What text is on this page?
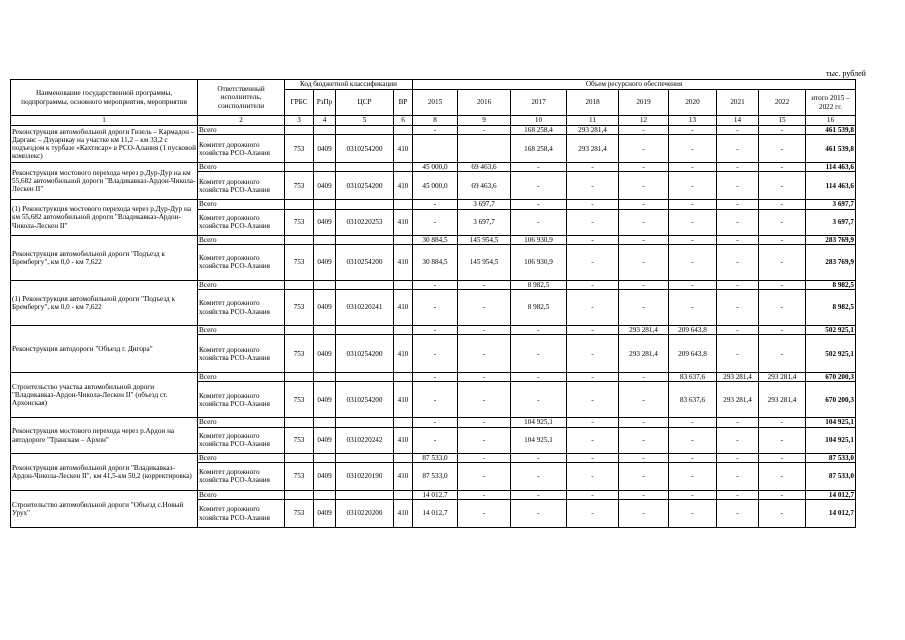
тыс. рублей
Наименование государственной программы, подпрограммы, основного мероприятия, мероприятия	Ответственный исполнитель, соисполнители	Код бюджетной классификации				Объем ресурсного обеспечения								
		ГРБС	РзПр	ЦСР	ВР	2015	2016	2017	2018	2019	2020	2021	2022	итого 2015 – 2022 гг.
1	2	3	4	5	6	8	9	10	11	12	13	14	15	16
Реконструкция автомобильной дороги Гизель – Кармадон – Даргавс – Дзуарикау на участке км 11,2 – км 33,2 с подъездом к турбазе «Кахтисар» в РСО-Алания (1 пусковой комплекс)	Всего					-	-	168 258,4	293 281,4	-	-	-	-	461 539,8
	Комитет дорожного хозяйства РСО-Алания	753	0409	0310254200	410			168 258,4	293 281,4	-	-	-	-	461 539,8
Реконструкция мостового перехода через р.Дур-Дур на км 55,682 автомобильной дороги "Владикавказ-Ардон-Чикола-Лескен II"	Всего					45 000,0	69 463,6	-	-	-	-	-	-	114 463,6
	Комитет дорожного хозяйства РСО-Алания	753	0409	0310254200	410	45 000,0	69 463,6	-	-	-	-	-	-	114 463,6
(1) Реконструкция мостового перехода через р.Дур-Дур на км 55,682 автомобильной дороги "Владикавказ-Ардон-Чикола-Лескен II"	Всего					-	3 697,7	-	-	-	-	-	-	3 697,7
	Комитет дорожного хозяйства РСО-Алания	753	0409	0310220253	410	-	3 697,7	-	-	-	-	-	-	3 697,7
Реконструкция автомобильной дороги "Подъезд к Брембергу", км 0,0 - км 7,622	Всего					30 884,5	145 954,5	106 930,9	-	-	-	-	-	283 769,9
	Комитет дорожного хозяйства РСО-Алания	753	0409	0310254200	410	30 884,5	145 954,5	106 930,9	-	-	-	-	-	283 769,9
(1) Реконструкция автомобильной дороги "Подъезд к Брембергу", км 0,0 - км 7,622	Всего					-	-	8 982,5	-	-	-	-	-	8 982,5
	Комитет дорожного хозяйства РСО-Алания	753	0409	0310220241	410	-	-	8 982,5	-	-	-	-	-	8 982,5
Реконструкция автодороги "Объезд г. Дигора"	Всего					-	-	-	-	293 281,4	209 643,8	-	-	502 925,1
	Комитет дорожного хозяйства РСО-Алания	753	0409	0310254200	410	-	-	-	-	293 281,4	209 643,8	-	-	502 925,1
Строительство участка автомобильной дороги "Владикавказ-Ардон-Чикола-Лескен II" (объезд ст. Архонская)	Всего					-	-	-	-	-	83 637,6	293 281,4	293 281,4	670 200,3
	Комитет дорожного хозяйства РСО-Алания	753	0409	0310254200	410	-	-	-	-	-	83 637,6	293 281,4	293 281,4	670 200,3
Реконструкция мостового перехода через р.Ардон на автодороге "Транскам – Архон"	Всего					-	-	104 925,1	-	-	-	-	-	104 925,1
	Комитет дорожного хозяйства РСО-Алания	753	0409	0310220242	410	-	-	104 925,1	-	-	-	-	-	104 925,1
Реконструкция автомобильной дороги "Владикавказ-Ардон-Чикола-Лескен II", км 41,5-км 50,2 (корректировка)	Всего					87 533,0	-	-	-	-	-	-	-	87 533,0
	Комитет дорожного хозяйства РСО-Алания	753	0409	0310220190	410	87 533,0	-	-	-	-	-	-	-	87 533,0
Строительство автомобильной дороги "Объезд с.Новый Урух"	Всего					14 012,7	-	-	-	-	-	-	-	14 012,7
	Комитет дорожного хозяйства РСО-Алания	753	0409	0310220200	410	14 012,7	-	-	-	-	-	-	-	14 012,7
